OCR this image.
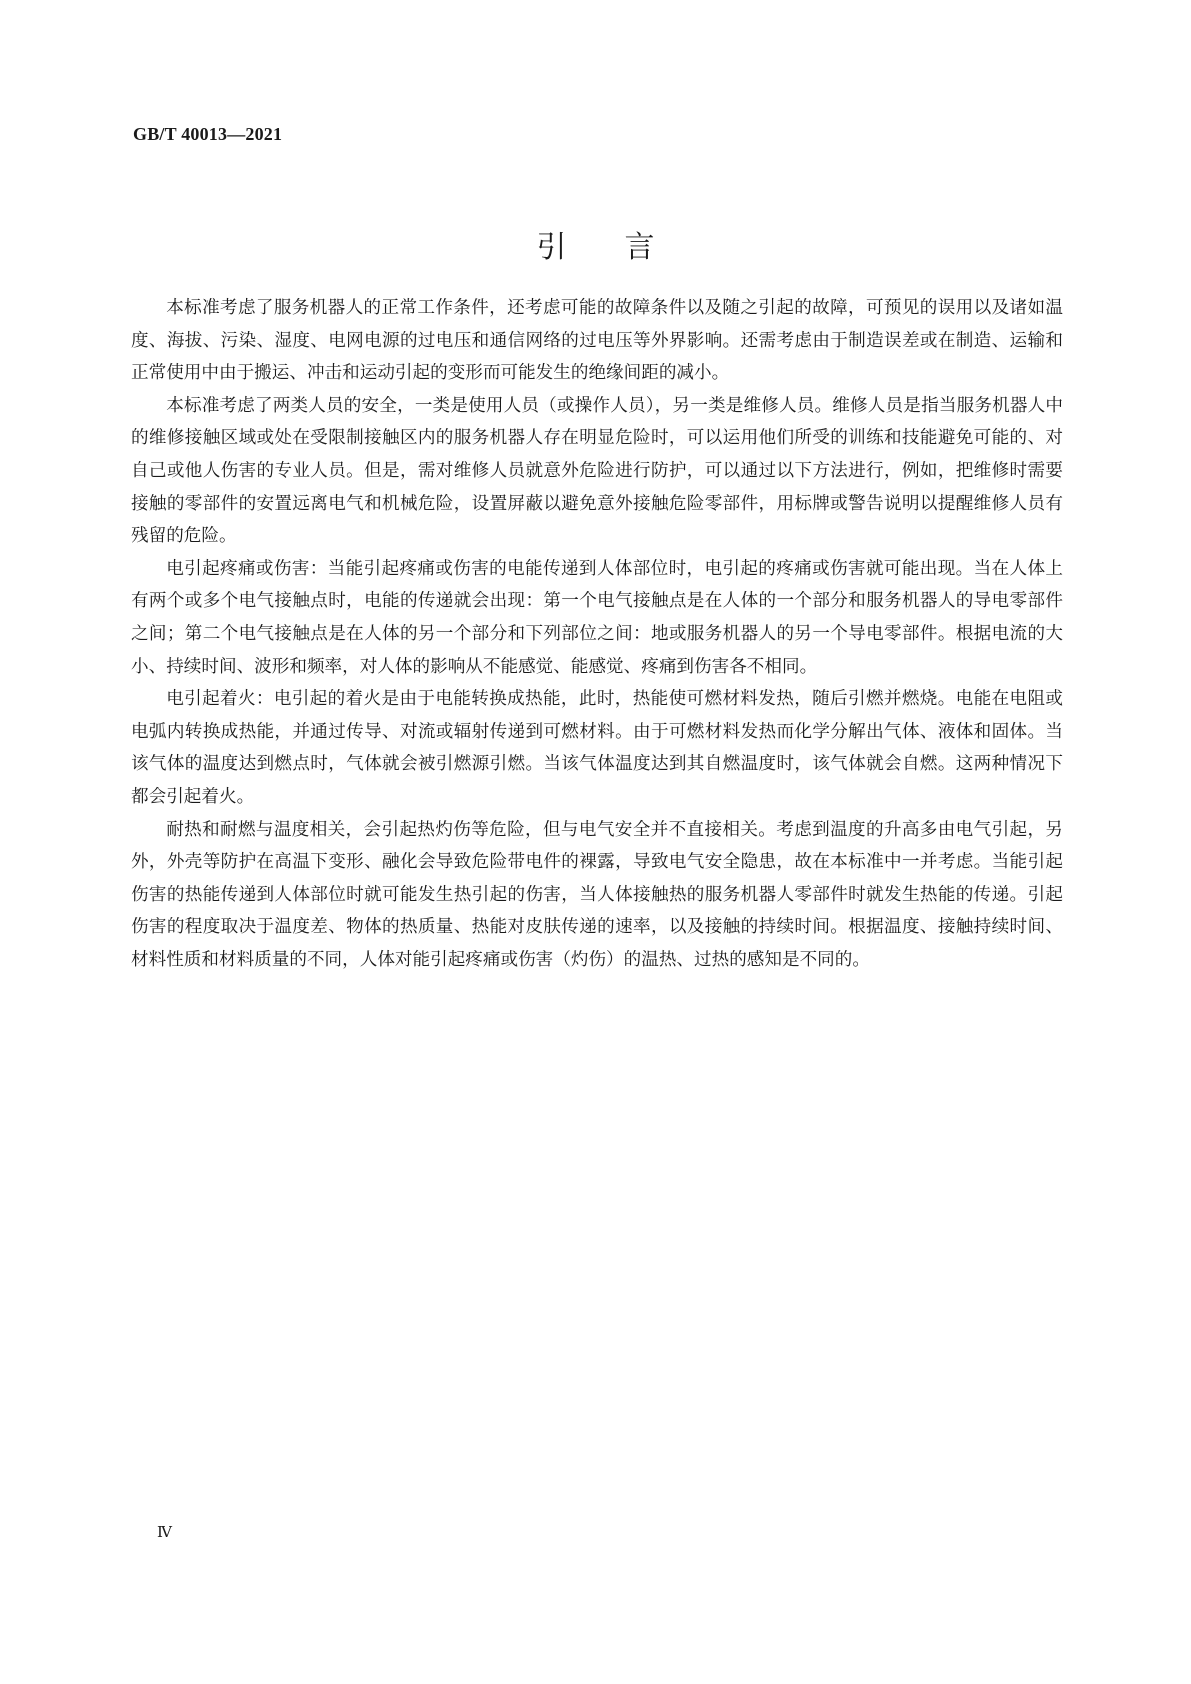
GB/T 40013—2021
引 言

本标准考虑了服务机器人的正常工作条件，还考虑可能的故障条件以及随之引起的故障，可预见的误用以及诸如温度、海拔、污染、湿度、电网电源的过电压和通信网络的过电压等外界影响。还需考虑由于制造误差或在制造、运输和正常使用中由于搬运、冲击和运动引起的变形而可能发生的绝缘间距的减小。

本标准考虑了两类人员的安全，一类是使用人员（或操作人员），另一类是维修人员。维修人员是指当服务机器人中的维修接触区域或处在受限制接触区内的服务机器人存在明显危险时，可以运用他们所受的训练和技能避免可能的、对自己或他人伤害的专业人员。但是，需对维修人员就意外危险进行防护，可以通过以下方法进行，例如，把维修时需要接触的零部件的安置远离电气和机械危险，设置屏蔽以避免意外接触危险零部件，用标牌或警告说明以提醒维修人员有残留的危险。

电引起疼痛或伤害：当能引起疼痛或伤害的电能传递到人体部位时，电引起的疼痛或伤害就可能出现。当在人体上有两个或多个电气接触点时，电能的传递就会出现：第一个电气接触点是在人体的一个部分和服务机器人的导电零部件之间；第二个电气接触点是在人体的另一个部分和下列部位之间：地或服务机器人的另一个导电零部件。根据电流的大小、持续时间、波形和频率，对人体的影响从不能感觉、能感觉、疼痛到伤害各不相同。

电引起着火：电引起的着火是由于电能转换成热能，此时，热能使可燃材料发热，随后引燃并燃烧。电能在电阻或电弧内转换成热能，并通过传导、对流或辐射传递到可燃材料。由于可燃材料发热而化学分解出气体、液体和固体。当该气体的温度达到燃点时，气体就会被引燃源引燃。当该气体温度达到其自燃温度时，该气体就会自燃。这两种情况下都会引起着火。

耐热和耐燃与温度相关，会引起热灼伤等危险，但与电气安全并不直接相关。考虑到温度的升高多由电气引起，另外，外壳等防护在高温下变形、融化会导致危险带电件的裸露，导致电气安全隐患，故在本标准中一并考虑。当能引起伤害的热能传递到人体部位时就可能发生热引起的伤害，当人体接触热的服务机器人零部件时就发生热能的传递。引起伤害的程度取决于温度差、物体的热质量、热能对皮肤传递的速率，以及接触的持续时间。根据温度、接触持续时间、材料性质和材料质量的不同，人体对能引起疼痛或伤害（灼伤）的温热、过热的感知是不同的。

Ⅳ
